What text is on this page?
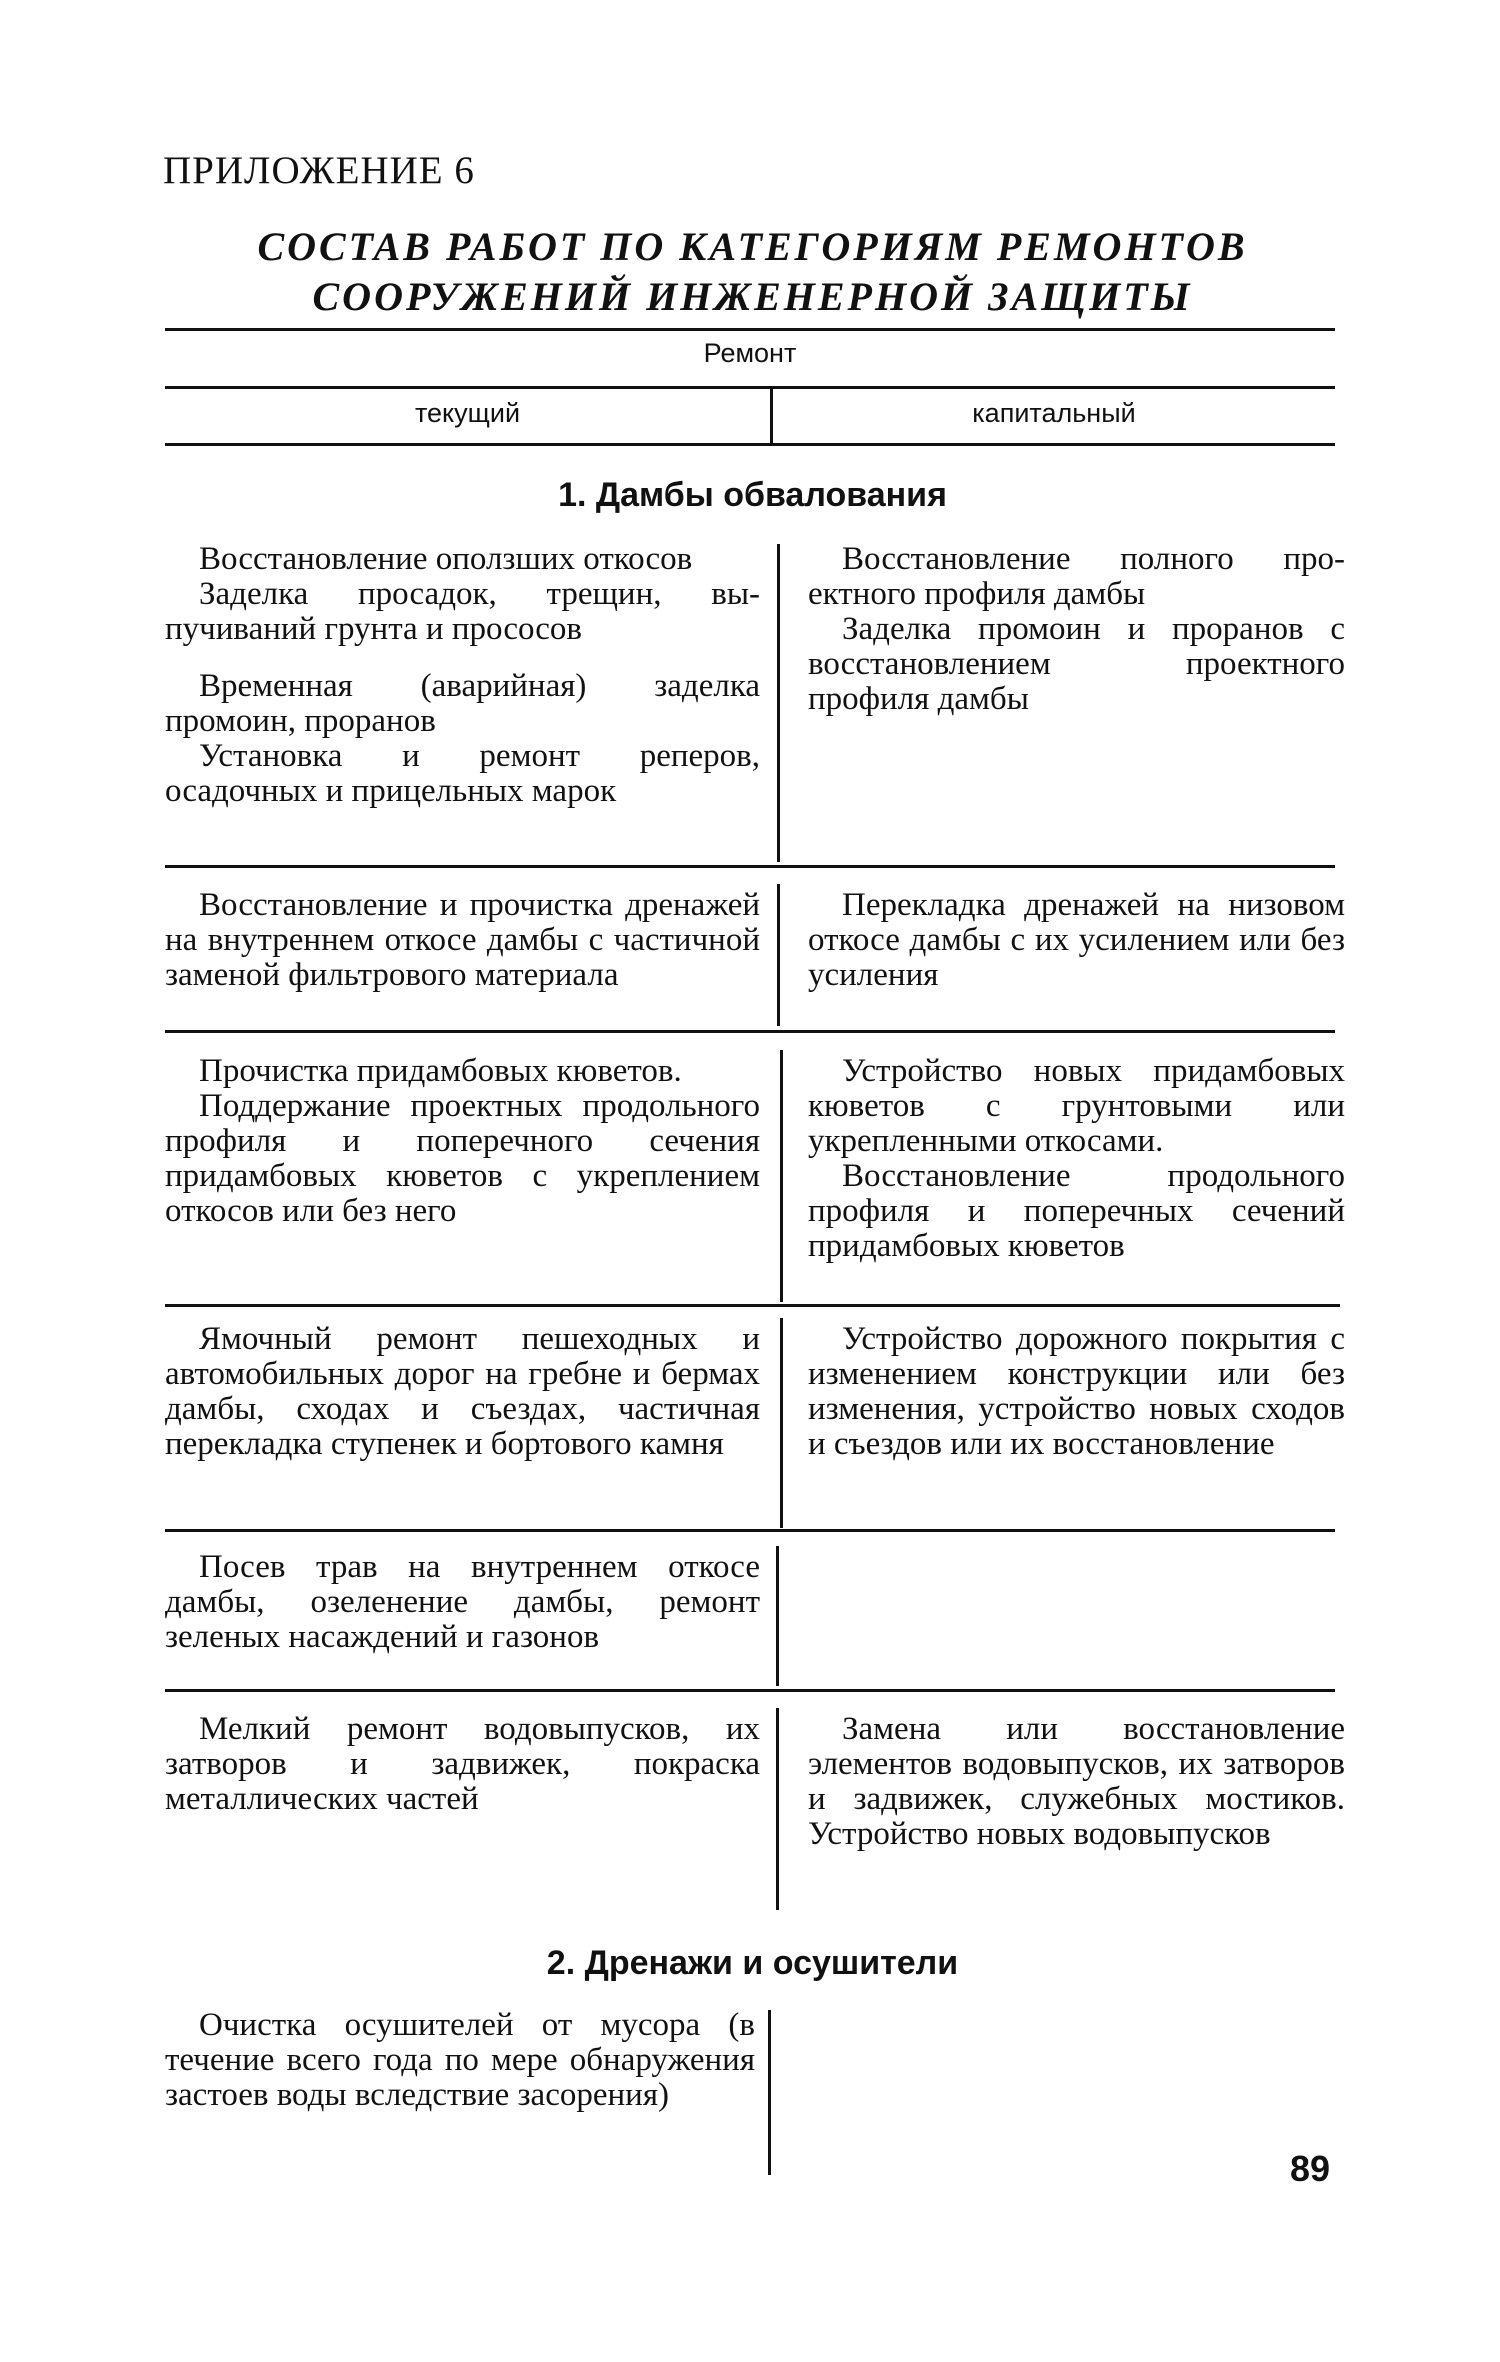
ПРИЛОЖЕНИЕ 6
СОСТАВ РАБОТ ПО КАТЕГОРИЯМ РЕМОНТОВ
СООРУЖЕНИЙ ИНЖЕНЕРНОЙ ЗАЩИТЫ
Ремонт
текущий	капитальный
1. Дамбы обвалования

Восстановление оползших откосов

Заделка просадок, трещин, выпучиваний грунта и прососов

Временная (аварийная) заделка промоин, проранов

Установка и ремонт реперов, осадочных и прицельных марок

Восстановление полного проектного профиля дамбы

Заделка промоин и проранов с восстановлением проектного профиля дамбы

Восстановление и прочистка дренажей на внутреннем откосе дамбы с частичной заменой фильтрового материала

Перекладка дренажей на низовом откосе дамбы с их усилением или без усиления

Прочистка придамбовых кюветов.

Поддержание проектных продольного профиля и поперечного сечения придамбовых кюветов с укреплением откосов или без него

Устройство новых придамбовых кюветов с грунтовыми или укрепленными откосами.

Восстановление продольного профиля и поперечных сечений придамбовых кюветов

Ямочный ремонт пешеходных и автомобильных дорог на гребне и бермах дамбы, сходах и съездах, частичная перекладка ступенек и бортового камня

Устройство дорожного покрытия с изменением конструкции или без изменения, устройство новых сходов и съездов или их восстановление

Посев трав на внутреннем откосе дамбы, озеленение дамбы, ремонт зеленых насаждений и газонов

Мелкий ремонт водовыпусков, их затворов и задвижек, покраска металлических частей

Замена или восстановление элементов водовыпусков, их затворов и задвижек, служебных мостиков. Устройство новых водовыпусков

2. Дренажи и осушители

Очистка осушителей от мусора (в течение всего года по мере обнаружения застоев воды вследствие засорения)

89
